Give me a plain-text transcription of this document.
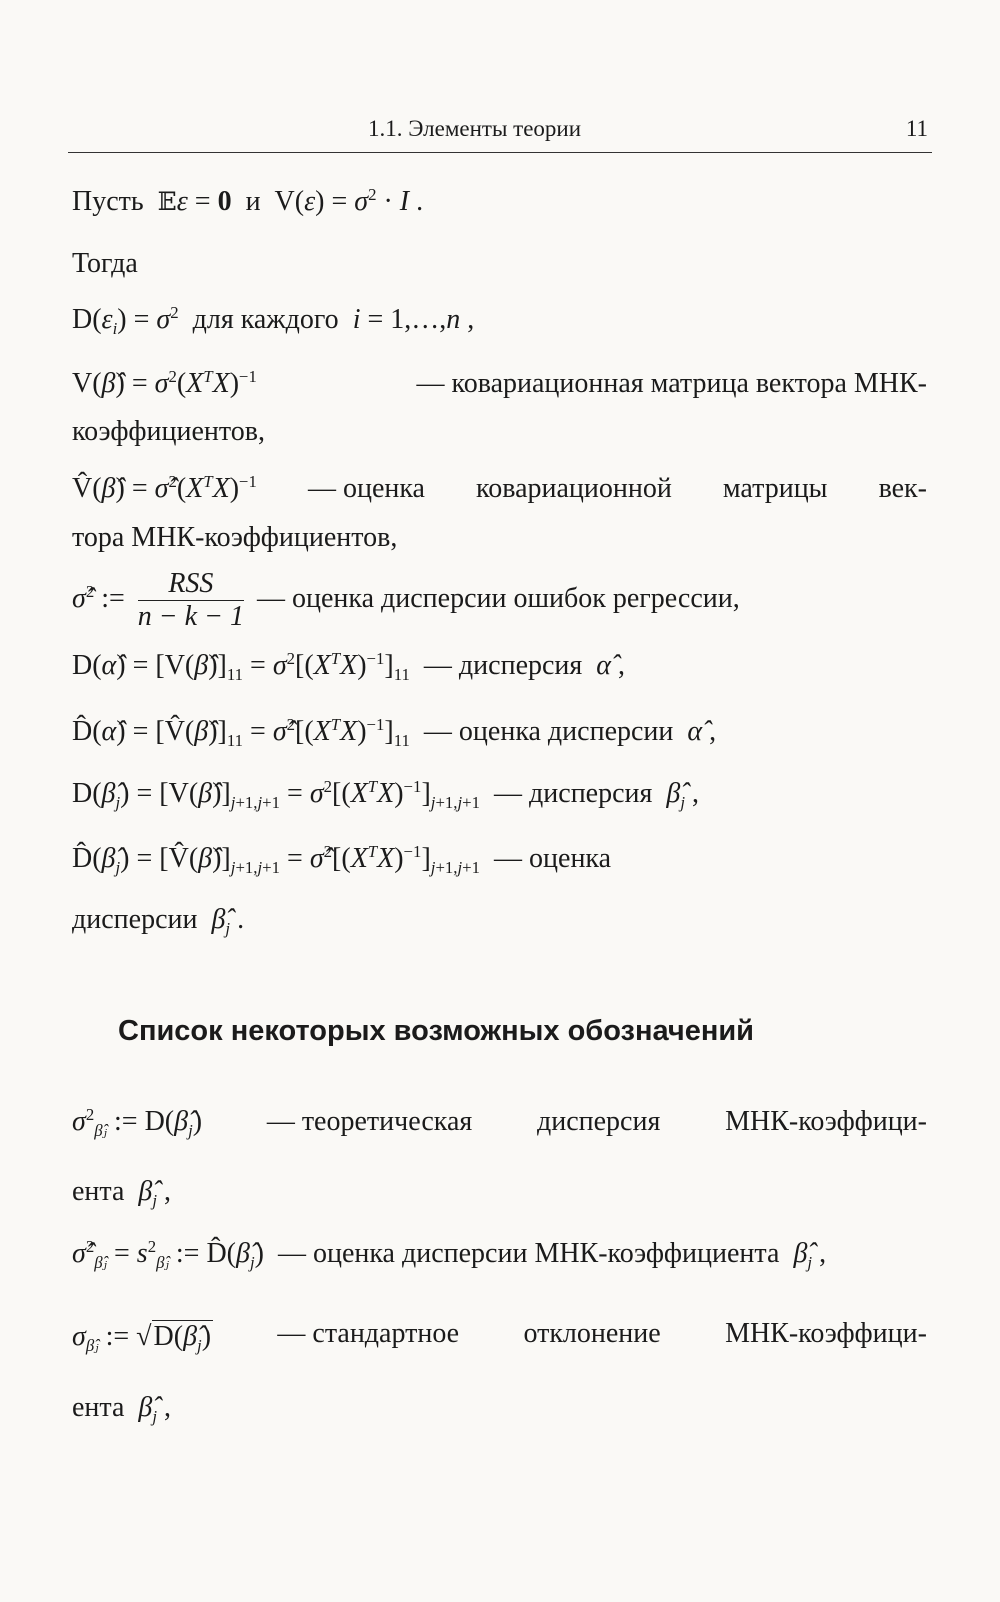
1.1. Элементы теории	11
Пусть 𝔼ε = 0 и  $V(\varepsilon) = \sigma^2 \cdot I$ .
Тогда
$D(\varepsilon_i) = \sigma^2$ для каждого i = 1,…,n ,
V(β̂) = $\sigma^2(X^TX)^{-1}$	— ковариационная матрица вектора МНК-
коэффициентов,
V̂(β̂) = $\sigmâ^2(X^TX)^{-1}$ — оценка ковариационной матрицы век-
тора МНК-коэффициентов,
σ̂$^2$ := $\frac{\text{RSS}}{n - k - 1}$ — оценка дисперсии ошибок регрессии,
D(α̂) = $[V(\betâ)]_{11} = \sigma^2[(X^TX)^{-1}]_{11}$ — дисперсия α̂ ,
D̂(α̂) = $[V̂(\betâ)]_{11}$ = $\sigmâ^2[(X^TX)^{-1}]_{11}$ — оценка дисперсии α̂ ,
$D(\betâ_j)$ = $[V(\betâ)]_{j+1,j+1} = \sigma^2[(X^TX)^{-1}]_{j+1,j+1}$ — дисперсия $\betâ_j$ ,
$D̂(\betâ_j)$ = $[V̂(\betâ)]_{j+1,j+1}$ = $\sigmâ^2[(X^TX)^{-1}]_{j+1,j+1}$ — оценка
дисперсии $\betâ_j$ .
Список некоторых возможных обозначений
$\sigma^2_{\betâⱼ}$ := $D(\betâ_j)$ — теоретическая дисперсия МНК-коэффици-
ента $\betâ_j$ ,
σ̂$^2_{\betâⱼ}$ = $s^2_{\betâⱼ}$ := $D̂(\betâ_j)$  — оценка дисперсии МНК-коэффициента $\betâ_j$ ,
$\sigma_{\betâⱼ}$ := $√D(\betâ_j)$ — стандартное отклонение МНК-коэффици-
ента $\betâ_j$ ,
